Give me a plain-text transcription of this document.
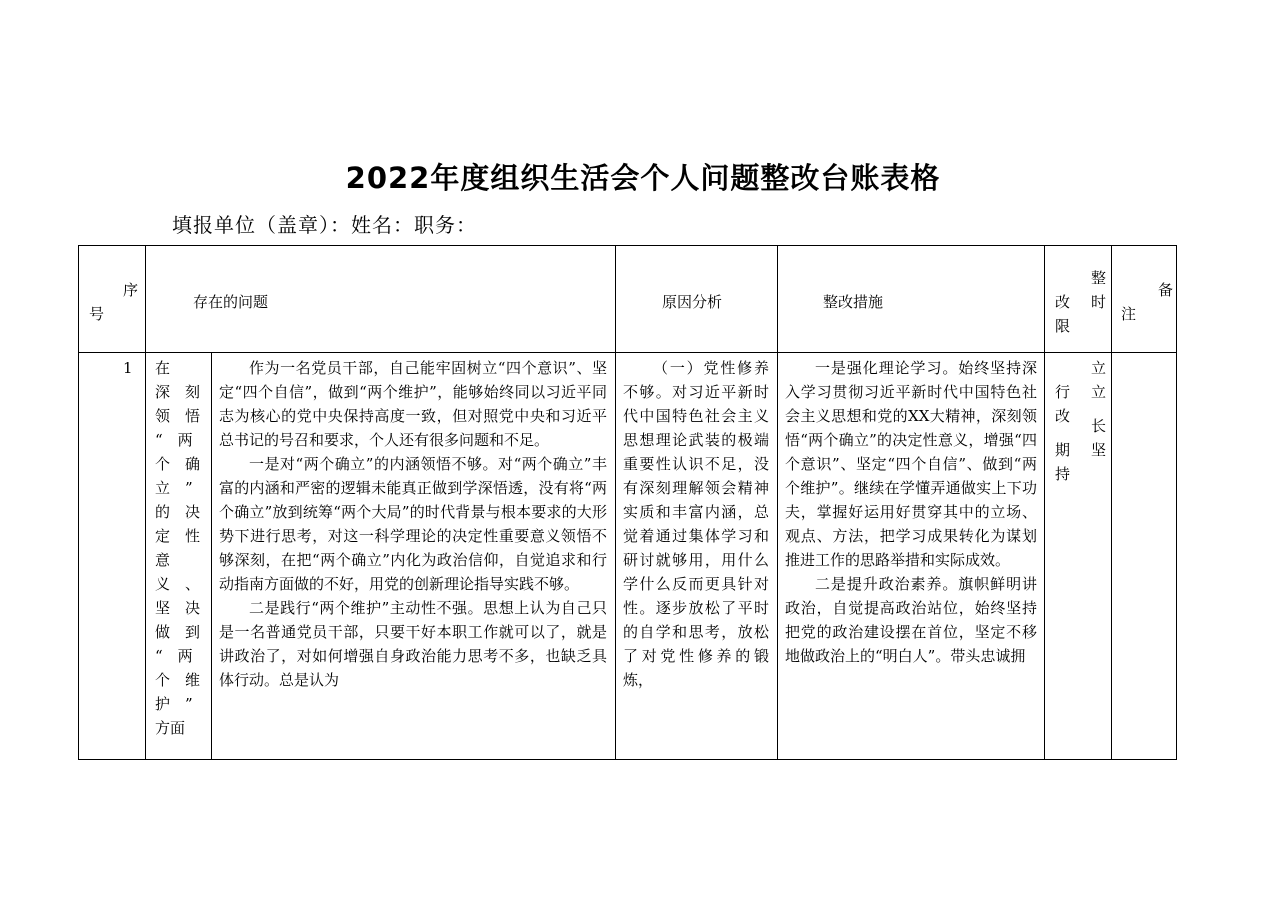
2022年度组织生活会个人问题整改台账表格
填报单位（盖章）：姓名：职务：
序
号
存在的问题	原因分析	整改措施
整
时
改
限
备
注
1 在
深　刻
领　悟
“　两
个　确
立　”
的　决
定　性
意
义　、
坚　决
做　到
“　两
个　维
护　”
方面

作为一名党员干部，自己能牢固树立“四个意识”、坚定“四个自信”，做到“两个维护”，能够始终同以习近平同志为核心的党中央保持高度一致，但对照党中央和习近平总书记的号召和要求，个人还有很多问题和不足。

一是对“两个确立”的内涵领悟不够。对“两个确立”丰富的内涵和严密的逻辑未能真正做到学深悟透，没有将“两个确立”放到统筹“两个大局”的时代背景与根本要求的大形势下进行思考，对这一科学理论的决定性重要意义领悟不够深刻，在把“两个确立”内化为政治信仰，自觉追求和行动指南方面做的不好，用党的创新理论指导实践不够。

二是践行“两个维护”主动性不强。思想上认为自己只是一名普通党员干部，只要干好本职工作就可以了，就是讲政治了，对如何增强自身政治能力思考不多，也缺乏具体行动。总是认为

（一）党性修养不够。对习近平新时代中国特色社会主义思想理论武装的极端重要性认识不足，没有深刻理解领会精神实质和丰富内涵，总觉着通过集体学习和研讨就够用，用什么学什么反而更具针对性。逐步放松了平时的自学和思考，放松了对党性修养的锻炼，

一是强化理论学习。始终坚持深入学习贯彻习近平新时代中国特色社会主义思想和党的XX大精神，深刻领悟“两个确立”的决定性意义，增强“四个意识”、坚定“四个自信”、做到“两个维护”。继续在学懂弄通做实上下功夫，掌握好运用好贯穿其中的立场、观点、方法，把学习成果转化为谋划推进工作的思路举措和实际成效。

二是提升政治素养。旗帜鲜明讲政治，自觉提高政治站位，始终坚持把党的政治建设摆在首位，坚定不移地做政治上的“明白人”。带头忠诚拥

行
改
期
持
立
立
长
坚
